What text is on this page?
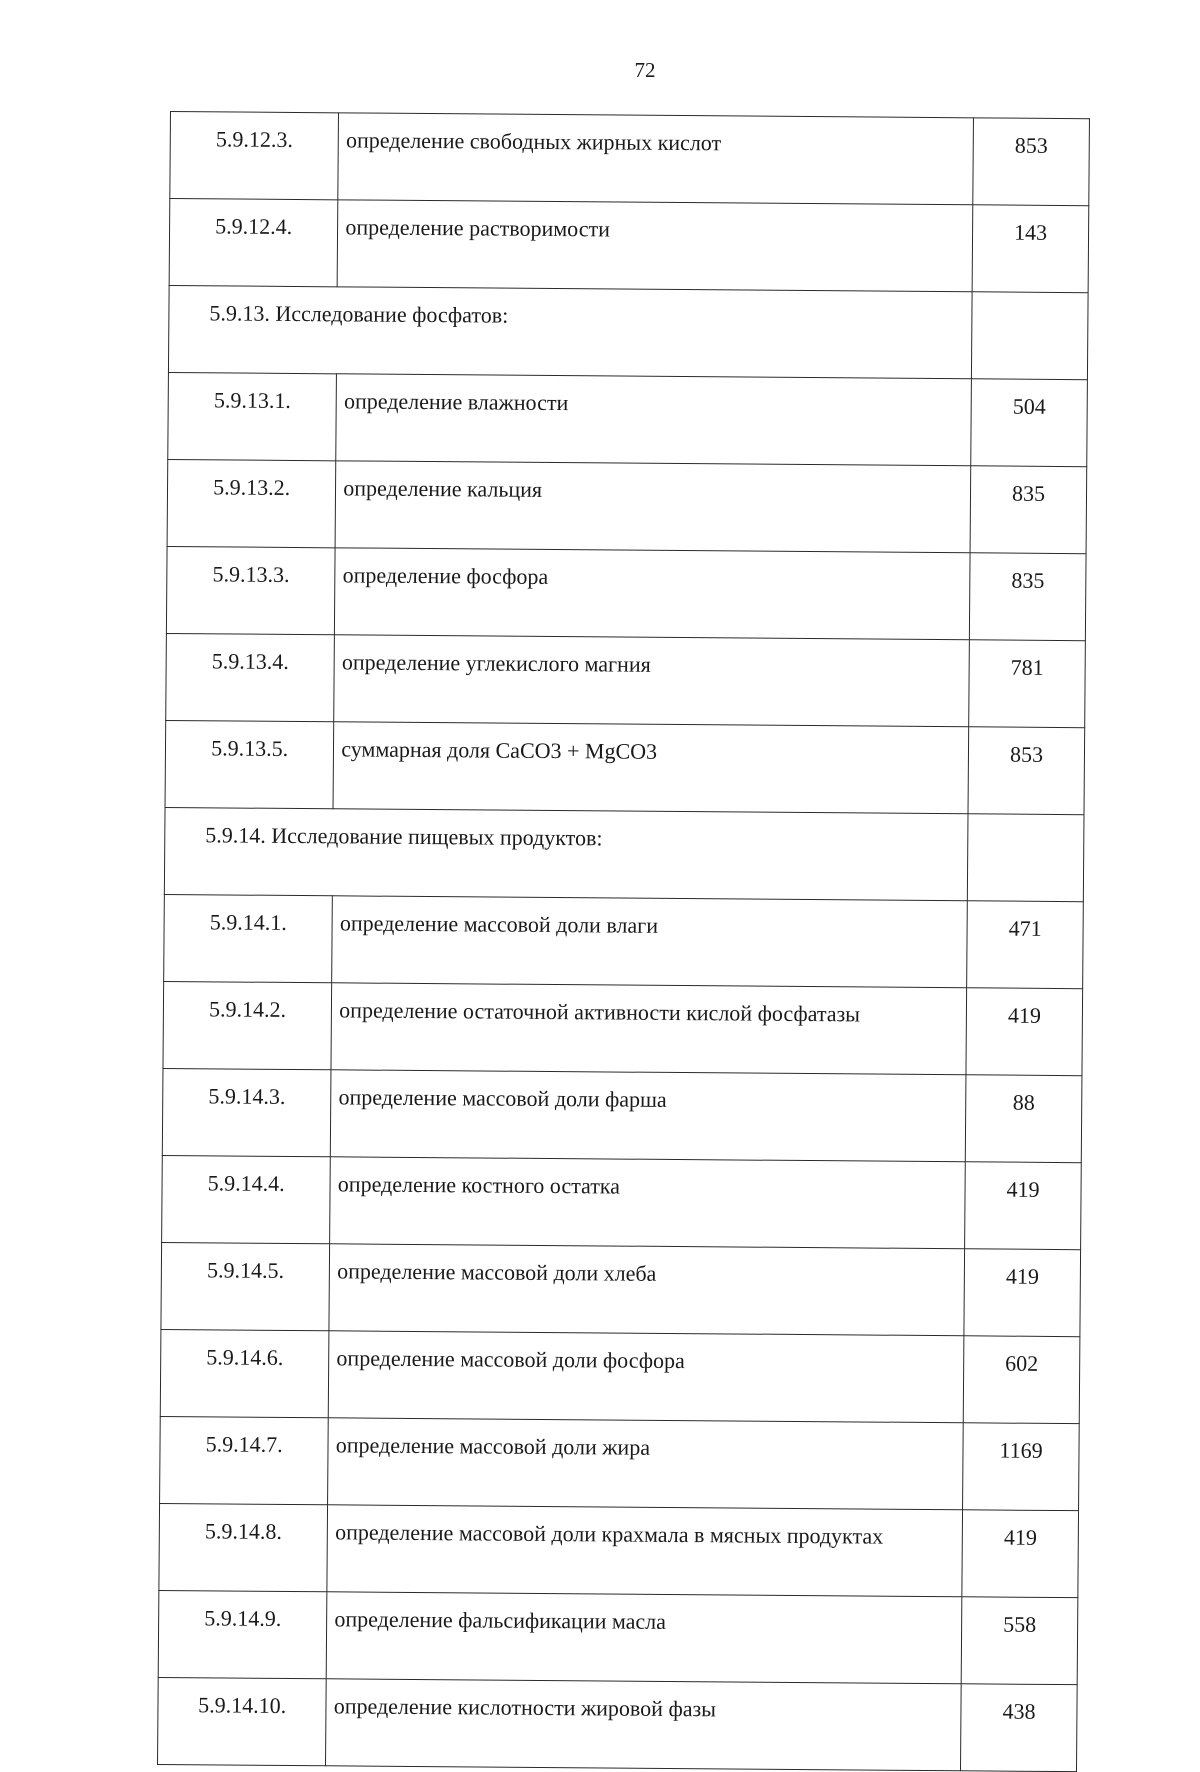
72
5.9.12.3.	определение свободных жирных кислот	853
5.9.12.4.	определение растворимости	143
5.9.13. Исследование фосфатов:		
5.9.13.1.	определение влажности	504
5.9.13.2.	определение кальция	835
5.9.13.3.	определение фосфора	835
5.9.13.4.	определение углекислого магния	781
5.9.13.5.	суммарная доля CaCO3 + MgCO3	853
5.9.14. Исследование пищевых продуктов:		
5.9.14.1.	определение массовой доли влаги	471
5.9.14.2.	определение остаточной активности кислой фосфатазы	419
5.9.14.3.	определение массовой доли фарша	88
5.9.14.4.	определение костного остатка	419
5.9.14.5.	определение массовой доли хлеба	419
5.9.14.6.	определение массовой доли фосфора	602
5.9.14.7.	определение массовой доли жира	1169
5.9.14.8.	определение массовой доли крахмала в мясных продуктах	419
5.9.14.9.	определение фальсификации масла	558
5.9.14.10.	определение кислотности жировой фазы	438
